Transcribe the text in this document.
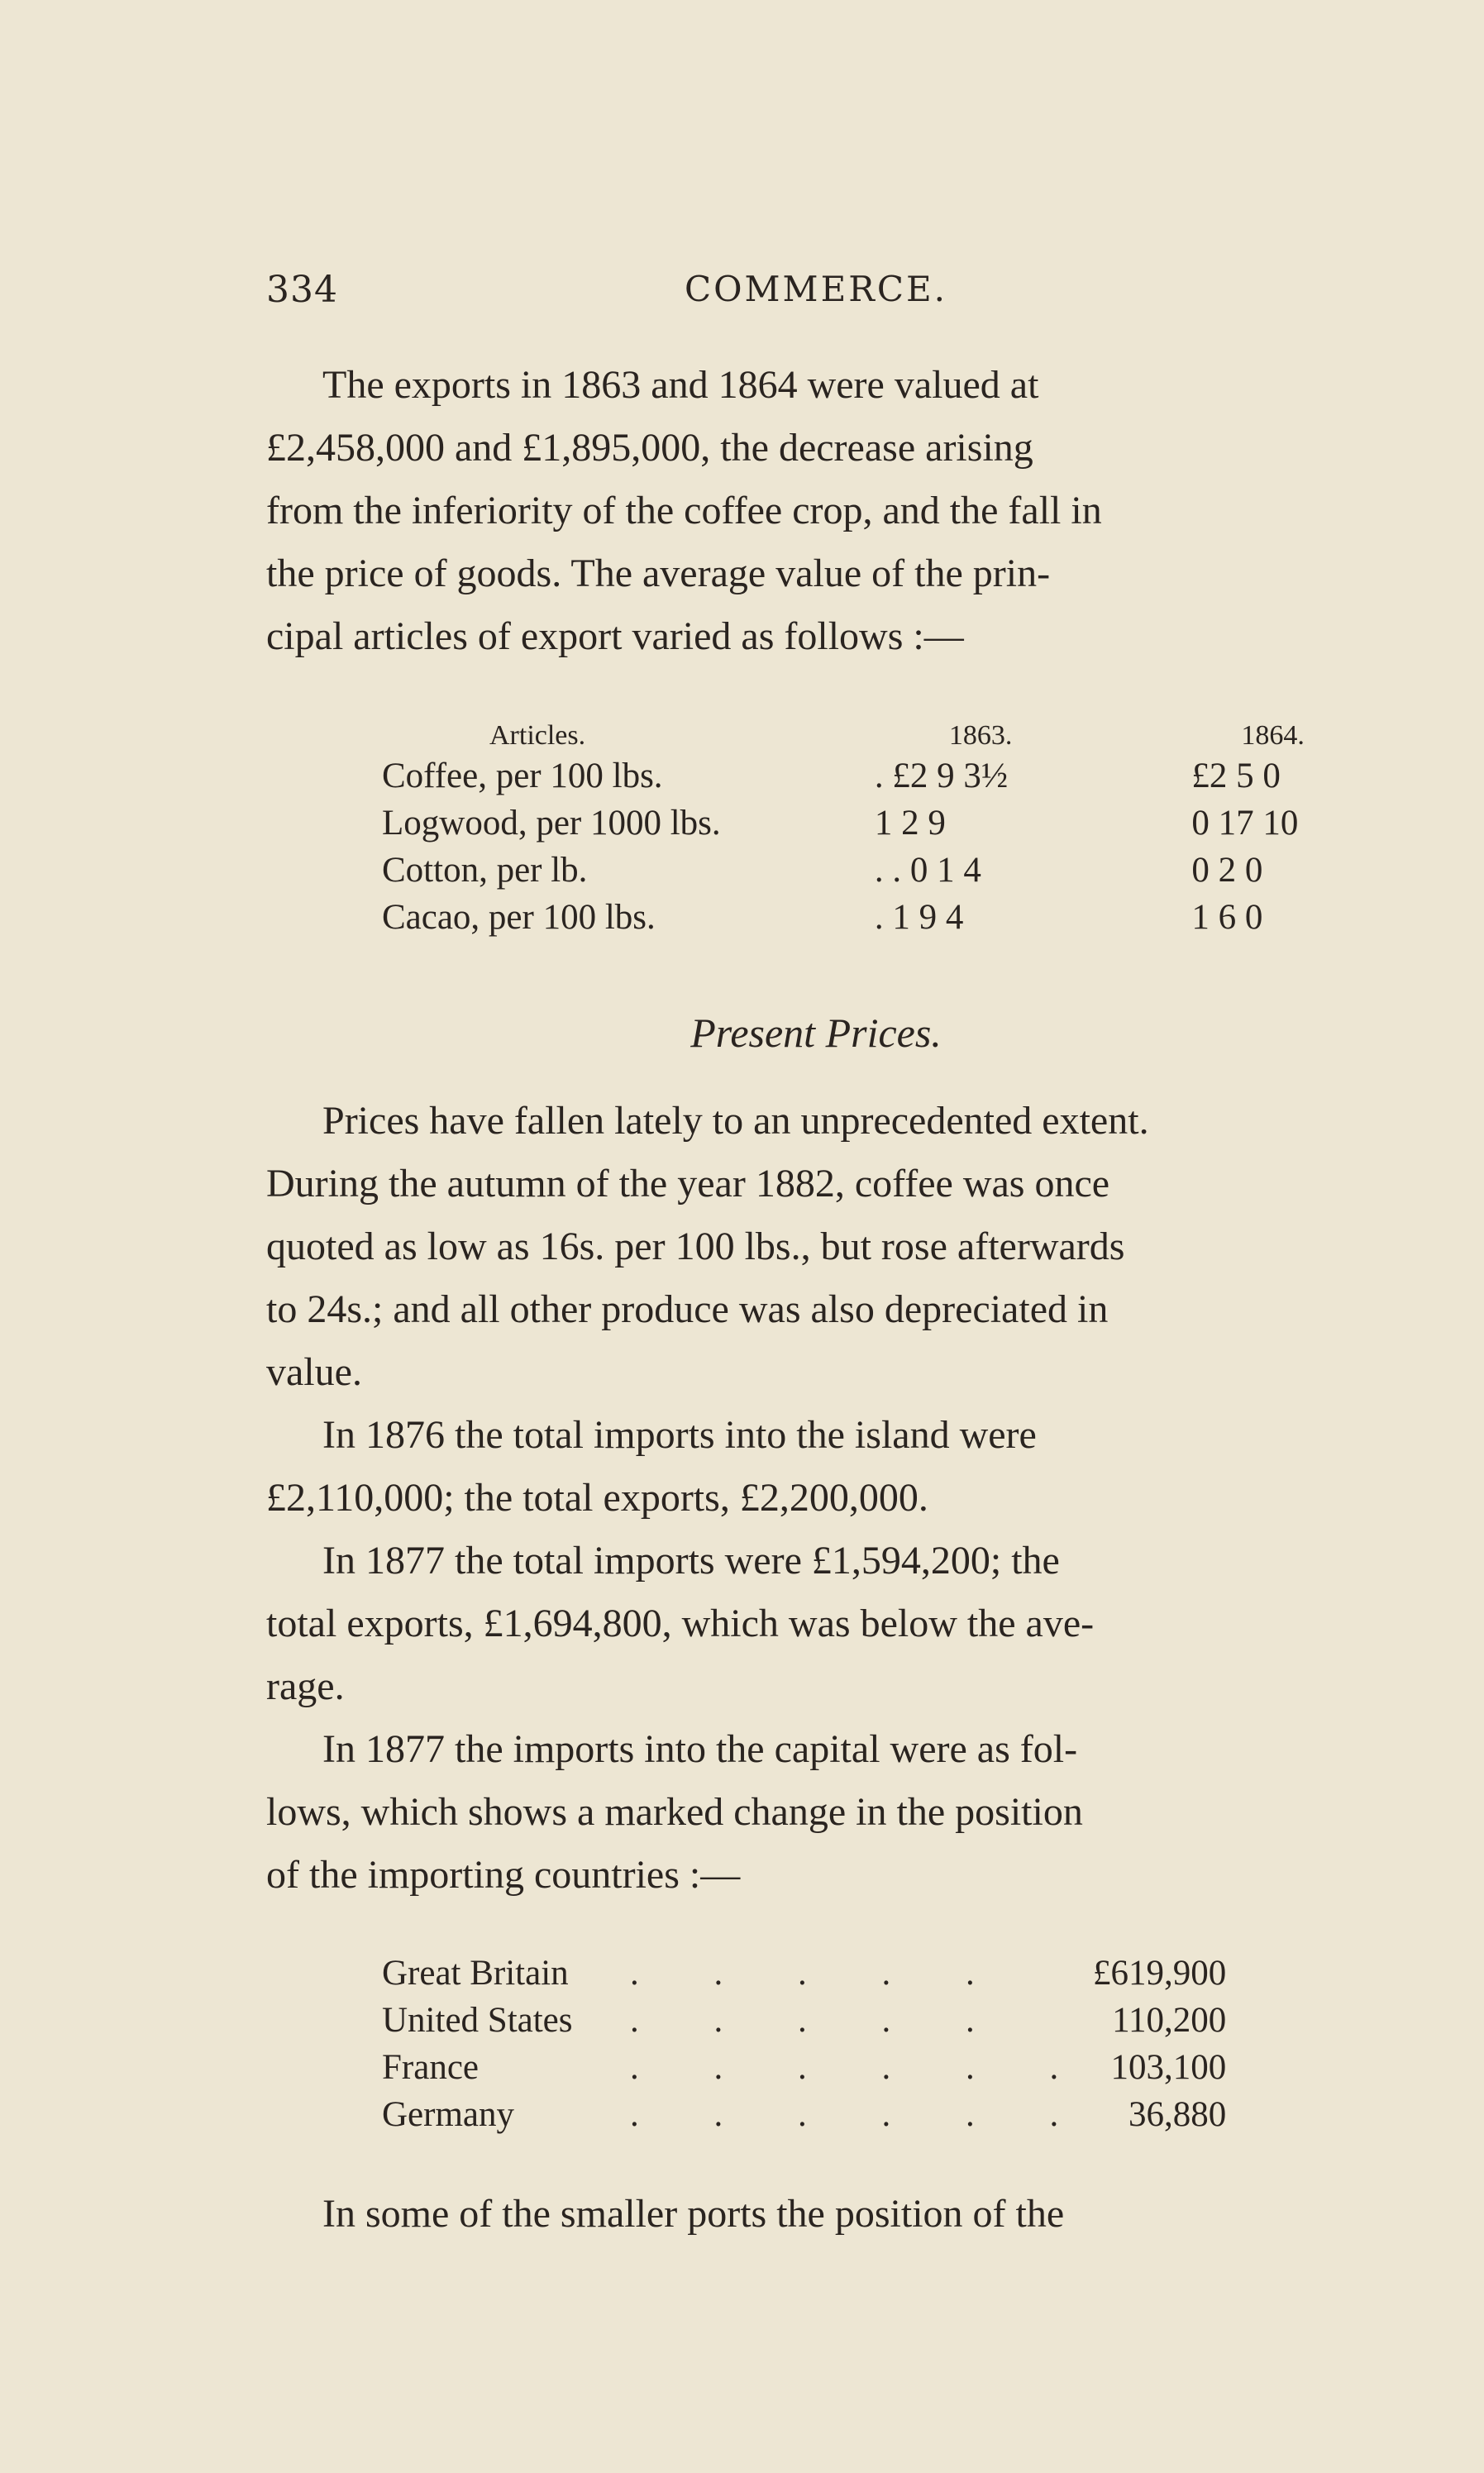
334	COMMERCE.
The exports in 1863 and 1864 were valued at
£2,458,000 and £1,895,000, the decrease arising
from the inferiority of the coffee crop, and the fall in
the price of goods. The average value of the prin-
cipal articles of export varied as follows :—
Articles.	1863.	1864.
Coffee, per 100 lbs.	. £2 9 3½	£2 5 0
Logwood, per 1000 lbs.	1 2 9	0 17 10
Cotton, per lb.	. . 0 1 4	0 2 0
Cacao, per 100 lbs.	. 1 9 4	1 6 0
Present Prices.
Prices have fallen lately to an unprecedented extent.
During the autumn of the year 1882, coffee was once
quoted as low as 16s. per 100 lbs., but rose afterwards
to 24s.; and all other produce was also depreciated in
value.
In 1876 the total imports into the island were
£2,110,000; the total exports, £2,200,000.
In 1877 the total imports were £1,594,200; the
total exports, £1,694,800, which was below the ave-
rage.
In 1877 the imports into the capital were as fol-
lows, which shows a marked change in the position
of the importing countries :—
Great Britain	. . . . .	£619,900
United States	. . . . .	110,200
France	. . . . . .	103,100
Germany	. . . . . .	36,880
In some of the smaller ports the position of the
